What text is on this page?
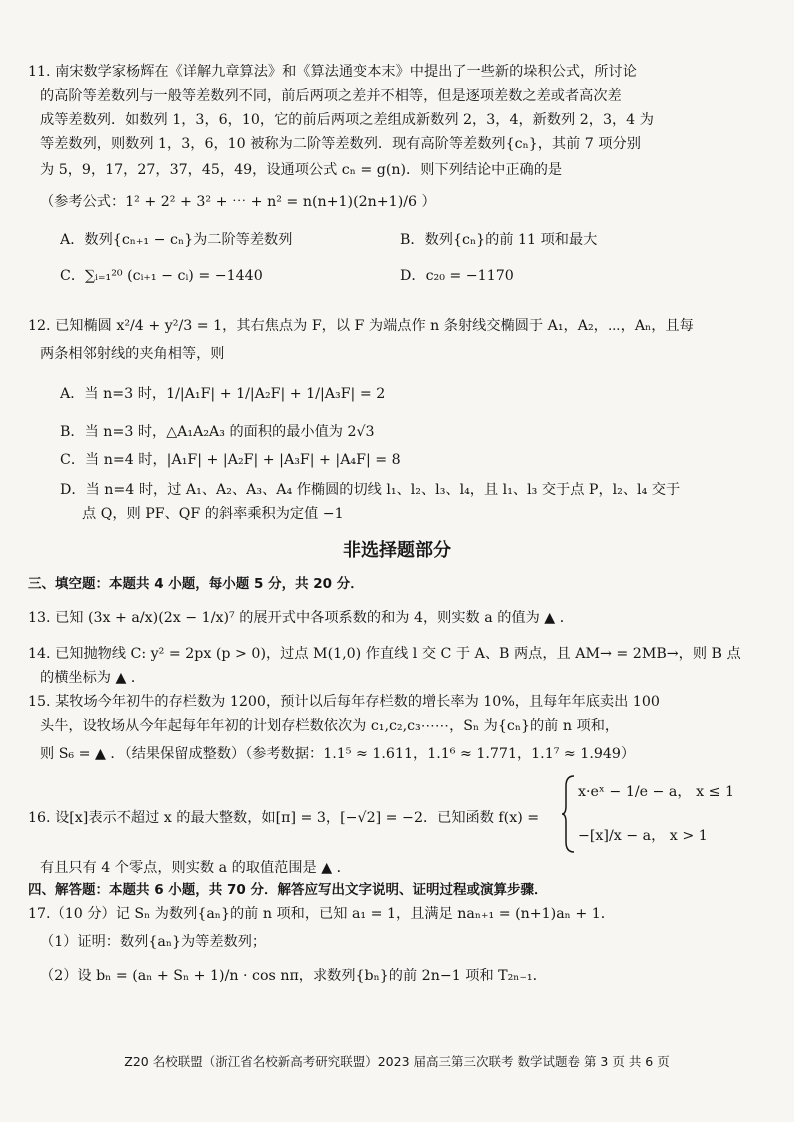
11. 南宋数学家杨辉在《详解九章算法》和《算法通变本末》中提出了一些新的垛积公式，所讨论
的高阶等差数列与一般等差数列不同，前后两项之差并不相等，但是逐项差数之差或者高次差
成等差数列．如数列 1，3，6，10，它的前后两项之差组成新数列 2，3，4，新数列 2，3，4 为
等差数列，则数列 1，3，6，10 被称为二阶等差数列．现有高阶等差数列{cₙ}，其前 7 项分别
为 5，9，17，27，37，45，49，设通项公式 cₙ = g(n)．则下列结论中正确的是
（参考公式：1² + 2² + 3² + ⋯ + n² = n(n+1)(2n+1)/6 ）
A．数列{cₙ₊₁ − cₙ}为二阶等差数列	B．数列{cₙ}的前 11 项和最大
C．∑ᵢ₌₁²⁰ (cᵢ₊₁ − cᵢ) = −1440	D．c₂₀ = −1170
12. 已知椭圆 x²/4 + y²/3 = 1，其右焦点为 F，以 F 为端点作 n 条射线交椭圆于 A₁，A₂，⋯，Aₙ，且每
两条相邻射线的夹角相等，则
A．当 n=3 时，1/|A₁F| + 1/|A₂F| + 1/|A₃F| = 2
B．当 n=3 时，△A₁A₂A₃ 的面积的最小值为 2√3
C．当 n=4 时，|A₁F| + |A₂F| + |A₃F| + |A₄F| = 8
D．当 n=4 时，过 A₁、A₂、A₃、A₄ 作椭圆的切线 l₁、l₂、l₃、l₄，且 l₁、l₃ 交于点 P，l₂、l₄ 交于
点 Q，则 PF、QF 的斜率乘积为定值 −1
非选择题部分
三、填空题：本题共 4 小题，每小题 5 分，共 20 分．
13. 已知 (3x + a/x)(2x − 1/x)⁷ 的展开式中各项系数的和为 4，则实数 a 的值为 ▲ ．
14. 已知抛物线 C: y² = 2px (p > 0)，过点 M(1,0) 作直线 l 交 C 于 A、B 两点，且 AM→ = 2MB→，则 B 点
的横坐标为 ▲ ．
15. 某牧场今年初牛的存栏数为 1200，预计以后每年存栏数的增长率为 10%，且每年年底卖出 100
头牛，设牧场从今年起每年年初的计划存栏数依次为 c₁,c₂,c₃⋯⋯，Sₙ 为{cₙ}的前 n 项和，
则 S₆ = ▲ ．（结果保留成整数）（参考数据：1.1⁵ ≈ 1.611，1.1⁶ ≈ 1.771，1.1⁷ ≈ 1.949）
16. 设[x]表示不超过 x 的最大整数，如[π] = 3，[−√2] = −2．已知函数 f(x) =
x·eˣ − 1/e − a， x ≤ 1
−[x]/x − a， x > 1
有且只有 4 个零点，则实数 a 的取值范围是 ▲ ．
四、解答题：本题共 6 小题，共 70 分．解答应写出文字说明、证明过程或演算步骤．
17.（10 分）记 Sₙ 为数列{aₙ}的前 n 项和，已知 a₁ = 1，且满足 naₙ₊₁ = (n+1)aₙ + 1．
（1）证明：数列{aₙ}为等差数列；
（2）设 bₙ = (aₙ + Sₙ + 1)/n · cos nπ，求数列{bₙ}的前 2n−1 项和 T₂ₙ₋₁．
Z20 名校联盟（浙江省名校新高考研究联盟）2023 届高三第三次联考 数学试题卷 第 3 页 共 6 页
